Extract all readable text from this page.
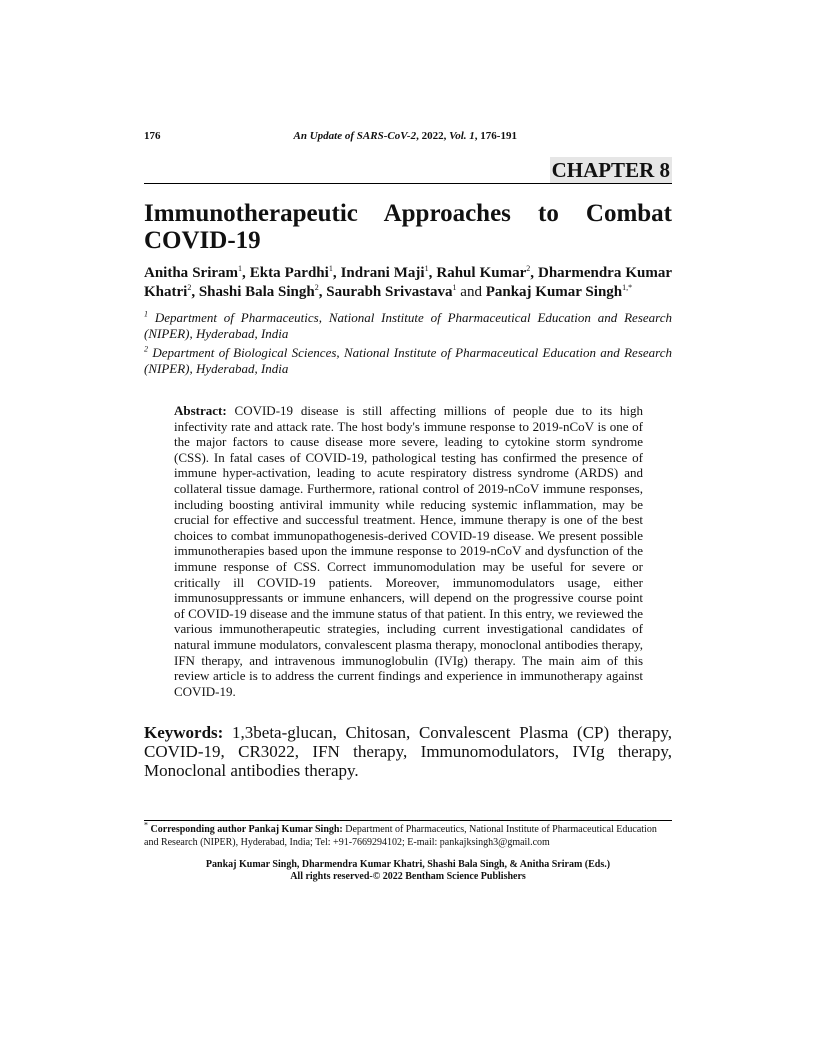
176	An Update of SARS-CoV-2, 2022, Vol. 1, 176-191
CHAPTER 8
Immunotherapeutic Approaches to Combat COVID-19
Anitha Sriram$^1$, Ekta Pardhi$^1$, Indrani Maji$^1$, Rahul Kumar$^2$, Dharmendra Kumar Khatri$^2$, Shashi Bala Singh$^2$, Saurabh Srivastava$^1$ and Pankaj Kumar Singh$^{1,*}$
$^1$ Department of Pharmaceutics, National Institute of Pharmaceutical Education and Research (NIPER), Hyderabad, India
$^2$ Department of Biological Sciences, National Institute of Pharmaceutical Education and Research (NIPER), Hyderabad, India
Abstract: COVID-19 disease is still affecting millions of people due to its high infectivity rate and attack rate. The host body's immune response to 2019-nCoV is one of the major factors to cause disease more severe, leading to cytokine storm syndrome (CSS). In fatal cases of COVID-19, pathological testing has confirmed the presence of immune hyper-activation, leading to acute respiratory distress syndrome (ARDS) and collateral tissue damage. Furthermore, rational control of 2019-nCoV immune responses, including boosting antiviral immunity while reducing systemic inflammation, may be crucial for effective and successful treatment. Hence, immune therapy is one of the best choices to combat immunopathogenesis-derived COVID-19 disease. We present possible immunotherapies based upon the immune response to 2019-nCoV and dysfunction of the immune response of CSS. Correct immunomodulation may be useful for severe or critically ill COVID-19 patients. Moreover, immunomodulators usage, either immunosuppressants or immune enhancers, will depend on the progressive course point of COVID-19 disease and the immune status of that patient. In this entry, we reviewed the various immunotherapeutic strategies, including current investigational candidates of natural immune modulators, convalescent plasma therapy, monoclonal antibodies therapy, IFN therapy, and intravenous immunoglobulin (IVIg) therapy. The main aim of this review article is to address the current findings and experience in immunotherapy against COVID-19.
Keywords: 1,3beta-glucan, Chitosan, Convalescent Plasma (CP) therapy, COVID-19, CR3022, IFN therapy, Immunomodulators, IVIg therapy, Monoclonal antibodies therapy.
* Corresponding author Pankaj Kumar Singh: Department of Pharmaceutics, National Institute of Pharmaceutical Education and Research (NIPER), Hyderabad, India; Tel: +91-7669294102; E-mail: pankajksingh3@gmail.com
Pankaj Kumar Singh, Dharmendra Kumar Khatri, Shashi Bala Singh, & Anitha Sriram (Eds.)
All rights reserved-© 2022 Bentham Science Publishers
